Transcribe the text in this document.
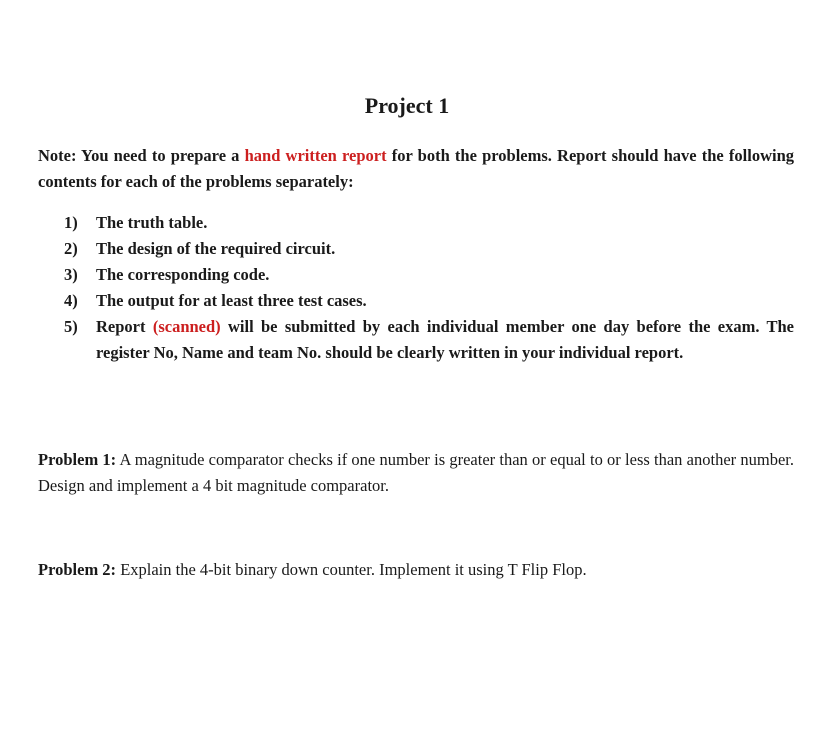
Project 1
Note: You need to prepare a hand written report for both the problems. Report should have the following contents for each of the problems separately:
1) The truth table.
2) The design of the required circuit.
3) The corresponding code.
4) The output for at least three test cases.
5) Report (scanned) will be submitted by each individual member one day before the exam. The register No, Name and team No. should be clearly written in your individual report.
Problem 1: A magnitude comparator checks if one number is greater than or equal to or less than another number. Design and implement a 4 bit magnitude comparator.
Problem 2: Explain the 4-bit binary down counter. Implement it using T Flip Flop.
